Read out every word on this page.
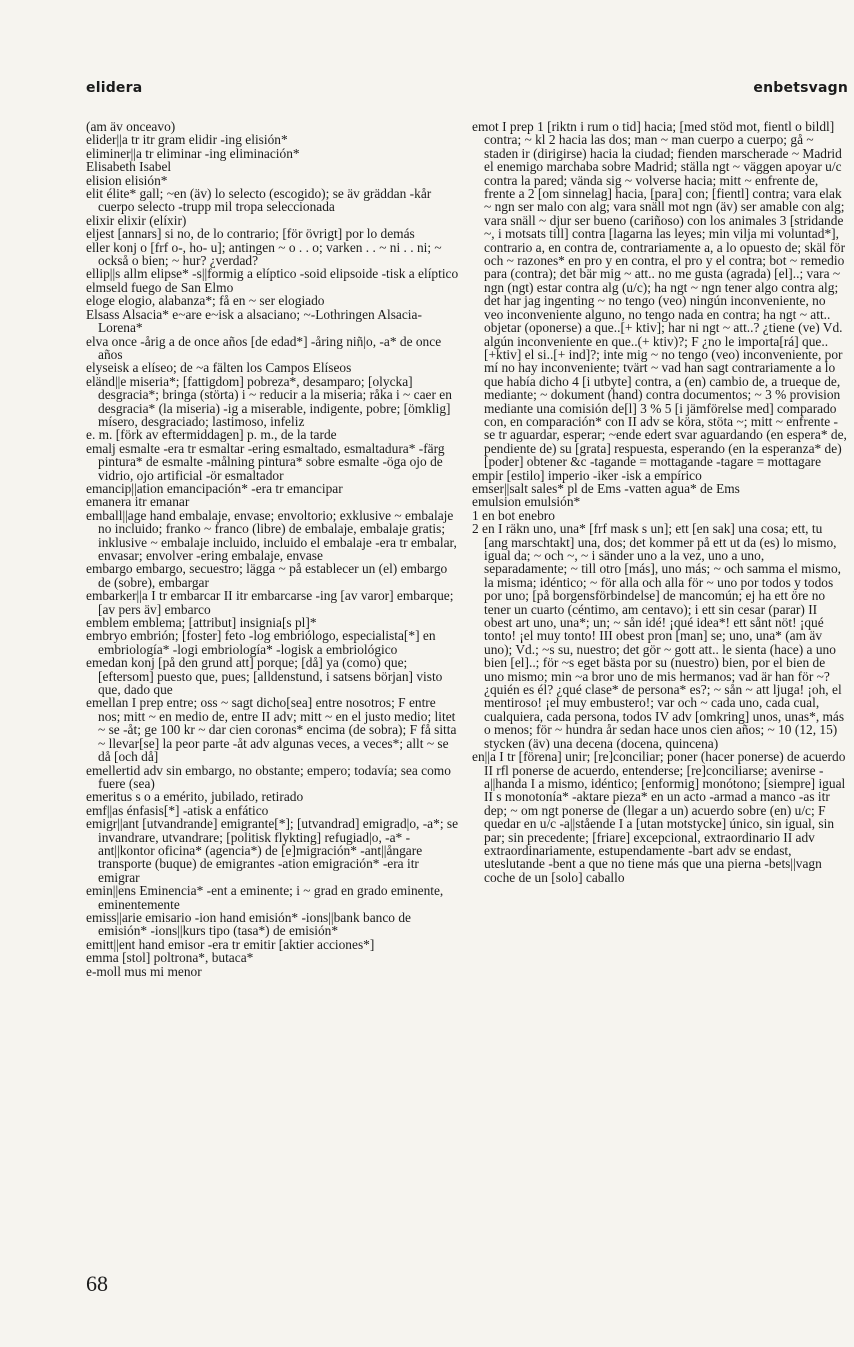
elidera	enbetsvagn

(am äv onceavo)

elider||a tr itr gram elidir -ing elisión*

eliminer||a tr eliminar -ing eliminación*

Elisabeth Isabel

elision elisión*

elit élite* gall; ~en (äv) lo selecto (escogido); se äv gräddan -kår cuerpo selecto -trupp mil tropa seleccionada

elixir elixir (elíxir)

eljest [annars] si no, de lo contrario; [för övrigt] por lo demás

eller konj o [frf o-, ho- u]; antingen ~ o . . o; varken . . ~ ni . . ni; ~ också o bien; ~ hur? ¿verdad?

ellip||s allm elipse* -s||formig a elíptico -soid elipsoide -tisk a elíptico

elmseld fuego de San Elmo

eloge elogio, alabanza*; få en ~ ser elogiado

Elsass Alsacia* e~are e~isk a alsaciano; ~-Lothringen Alsacia-Lorena*

elva once -årig a de once años [de edad*] -åring niñ|o, -a* de once años

elyseisk a elíseo; de ~a fälten los Campos Elíseos

eländ||e miseria*; [fattigdom] pobreza*, desamparo; [olycka] desgracia*; bringa (störta) i ~ reducir a la miseria; råka i ~ caer en desgracia* (la miseria) -ig a miserable, indigente, pobre; [ömklig] mísero, desgraciado; lastimoso, infeliz

e. m. [förk av eftermiddagen] p. m., de la tarde

emalj esmalte -era tr esmaltar -ering esmaltado, esmaltadura* -färg pintura* de esmalte -målning pintura* sobre esmalte -öga ojo de vidrio, ojo artificial -ör esmaltador

emancip||ation emancipación* -era tr emancipar

emanera itr emanar

emball||age hand embalaje, envase; envoltorio; exklusive ~ embalaje no incluido; franko ~ franco (libre) de embalaje, embalaje gratis; inklusive ~ embalaje incluido, incluido el embalaje -era tr embalar, envasar; envolver -ering embalaje, envase

embargo embargo, secuestro; lägga ~ på establecer un (el) embargo de (sobre), embargar

embarker||a I tr embarcar II itr embarcarse -ing [av varor] embarque; [av pers äv] embarco

emblem emblema; [attribut] insignia[s pl]*

embryo embrión; [foster] feto -log embriólogo, especialista[*] en embriología* -logi embriología* -logisk a embriológico

emedan konj [på den grund att] porque; [då] ya (como) que; [eftersom] puesto que, pues; [alldenstund, i satsens början] visto que, dado que

emellan I prep entre; oss ~ sagt dicho[sea] entre nosotros; F entre nos; mitt ~ en medio de, entre II adv; mitt ~ en el justo medio; litet ~ se -åt; ge 100 kr ~ dar cien coronas* encima (de sobra); F få sitta ~ llevar[se] la peor parte -åt adv algunas veces, a veces*; allt ~ se då [och då]

emellertid adv sin embargo, no obstante; empero; todavía; sea como fuere (sea)

emeritus s o a emérito, jubilado, retirado

emf||as énfasis[*] -atisk a enfático

emigr||ant [utvandrande] emigrante[*]; [utvandrad] emigrad|o, -a*; se invandrare, utvandrare; [politisk flykting] refugiad|o, -a* -ant||kontor oficina* (agencia*) de [e]migración* -ant||ångare transporte (buque) de emigrantes -ation emigración* -era itr emigrar

emin||ens Eminencia* -ent a eminente; i ~ grad en grado eminente, eminentemente

emiss||arie emisario -ion hand emisión* -ions||bank banco de emisión* -ions||kurs tipo (tasa*) de emisión*

emitt||ent hand emisor -era tr emitir [aktier acciones*]

emma [stol] poltrona*, butaca*

e-moll mus mi menor

emot I prep 1 [riktn i rum o tid] hacia; [med stöd mot, fientl o bildl] contra; ~ kl 2 hacia las dos; man ~ man cuerpo a cuerpo; gå ~ staden ir (dirigirse) hacia la ciudad; fienden marscherade ~ Madrid el enemigo marchaba sobre Madrid; ställa ngt ~ väggen apoyar u/c contra la pared; vända sig ~ volverse hacia; mitt ~ enfrente de, frente a 2 [om sinnelag] hacia, [para] con; [fientl] contra; vara elak ~ ngn ser malo con alg; vara snäll mot ngn (äv) ser amable con alg; vara snäll ~ djur ser bueno (cariñoso) con los animales 3 [stridande ~, i motsats till] contra [lagarna las leyes; min vilja mi voluntad*], contrario a, en contra de, contrariamente a, a lo opuesto de; skäl för och ~ razones* en pro y en contra, el pro y el contra; bot ~ remedio para (contra); det bär mig ~ att.. no me gusta (agrada) [el]..; vara ~ ngn (ngt) estar contra alg (u/c); ha ngt ~ ngn tener algo contra alg; det har jag ingenting ~ no tengo (veo) ningún inconveniente, no veo inconveniente alguno, no tengo nada en contra; ha ngt ~ att.. objetar (oponerse) a que..[+ ktiv]; har ni ngt ~ att..? ¿tiene (ve) Vd. algún inconveniente en que..(+ ktiv)?; F ¿no le importa[rá] que..[+ktiv] el si..[+ ind]?; inte mig ~ no tengo (veo) inconveniente, por mí no hay inconveniente; tvärt ~ vad han sagt contrariamente a lo que había dicho 4 [i utbyte] contra, a (en) cambio de, a trueque de, mediante; ~ dokument (hand) contra documentos; ~ 3 % provision mediante una comisión de[l] 3 % 5 [i jämförelse med] comparado con, en comparación* con II adv se köra, stöta ~; mitt ~ enfrente -se tr aguardar, esperar; ~ende edert svar aguardando (en espera* de, pendiente de) su [grata] respuesta, esperando (en la esperanza* de) [poder] obtener &c -tagande = mottagande -tagare = mottagare

empir [estilo] imperio -iker -isk a empírico

emser||salt sales* pl de Ems -vatten agua* de Ems

emulsion emulsión*

1 en bot enebro

2 en I räkn uno, una* [frf mask s un]; ett [en sak] una cosa; ett, tu [ang marschtakt] una, dos; det kommer på ett ut da (es) lo mismo, igual da; ~ och ~, ~ i sänder uno a la vez, uno a uno, separadamente; ~ till otro [más], uno más; ~ och samma el mismo, la misma; idéntico; ~ för alla och alla för ~ uno por todos y todos por uno; [på borgensförbindelse] de mancomún; ej ha ett öre no tener un cuarto (céntimo, am centavo); i ett sin cesar (parar) II obest art uno, una*; un; ~ sån idé! ¡qué idea*! ett sånt nöt! ¡qué tonto! ¡el muy tonto! III obest pron [man] se; uno, una* (am äv uno); Vd.; ~s su, nuestro; det gör ~ gott att.. le sienta (hace) a uno bien [el]..; för ~s eget bästa por su (nuestro) bien, por el bien de uno mismo; min ~a bror uno de mis hermanos; vad är han för ~? ¿quién es él? ¿qué clase* de persona* es?; ~ sån ~ att ljuga! ¡oh, el mentiroso! ¡el muy embustero!; var och ~ cada uno, cada cual, cualquiera, cada persona, todos IV adv [omkring] unos, unas*, más o menos; för ~ hundra år sedan hace unos cien años; ~ 10 (12, 15) stycken (äv) una decena (docena, quincena)

en||a I tr [förena] unir; [re]conciliar; poner (hacer ponerse) de acuerdo II rfl ponerse de acuerdo, entenderse; [re]conciliarse; avenirse -a||handa I a mismo, idéntico; [enformig] monótono; [siempre] igual II s monotonía* -aktare pieza* en un acto -armad a manco -as itr dep; ~ om ngt ponerse de (llegar a un) acuerdo sobre (en) u/c; F quedar en u/c -a||stående I a [utan motstycke] único, sin igual, sin par; sin precedente; [friare] excepcional, extraordinario II adv extraordinariamente, estupendamente -bart adv se endast, uteslutande -bent a que no tiene más que una pierna -bets||vagn coche de un [solo] caballo

68
